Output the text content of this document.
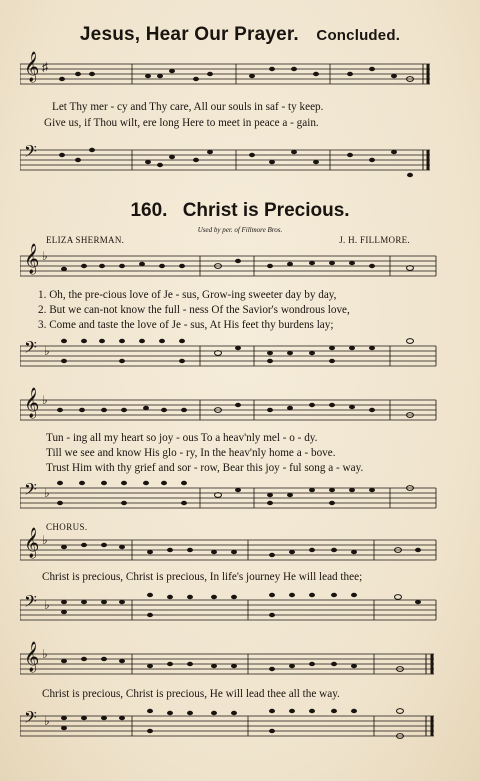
Jesus, Hear Our Prayer. Concluded.
𝄞 ♯
Let Thy mer - cy and Thy care, All our souls in saf - ty keep.
Give us, if Thou wilt, ere long Here to meet in peace a - gain.
𝄢
160. Christ is Precious.
Used by per. of Fillmore Bros.
ELIZA SHERMAN.	J. H. FILLMORE.
𝄞 ♭
1. Oh, the pre-cious love of Je - sus, Grow-ing sweeter day by day,
2. But we can-not know the full - ness Of the Savior's wondrous love,
3. Come and taste the love of Je - sus, At His feet thy burdens lay;
𝄢 ♭
𝄞 ♭
Tun - ing all my heart so joy - ous To a heav'nly mel - o - dy.
Till we see and know His glo - ry, In the heav'nly home a - bove.
Trust Him with thy grief and sor - row, Bear this joy - ful song a - way.
𝄢 ♭
CHORUS.
𝄞 ♭
Christ is precious, Christ is precious, In life's journey He will lead thee;
𝄢 ♭
𝄞 ♭
Christ is precious, Christ is precious, He will lead thee all the way.
𝄢 ♭
